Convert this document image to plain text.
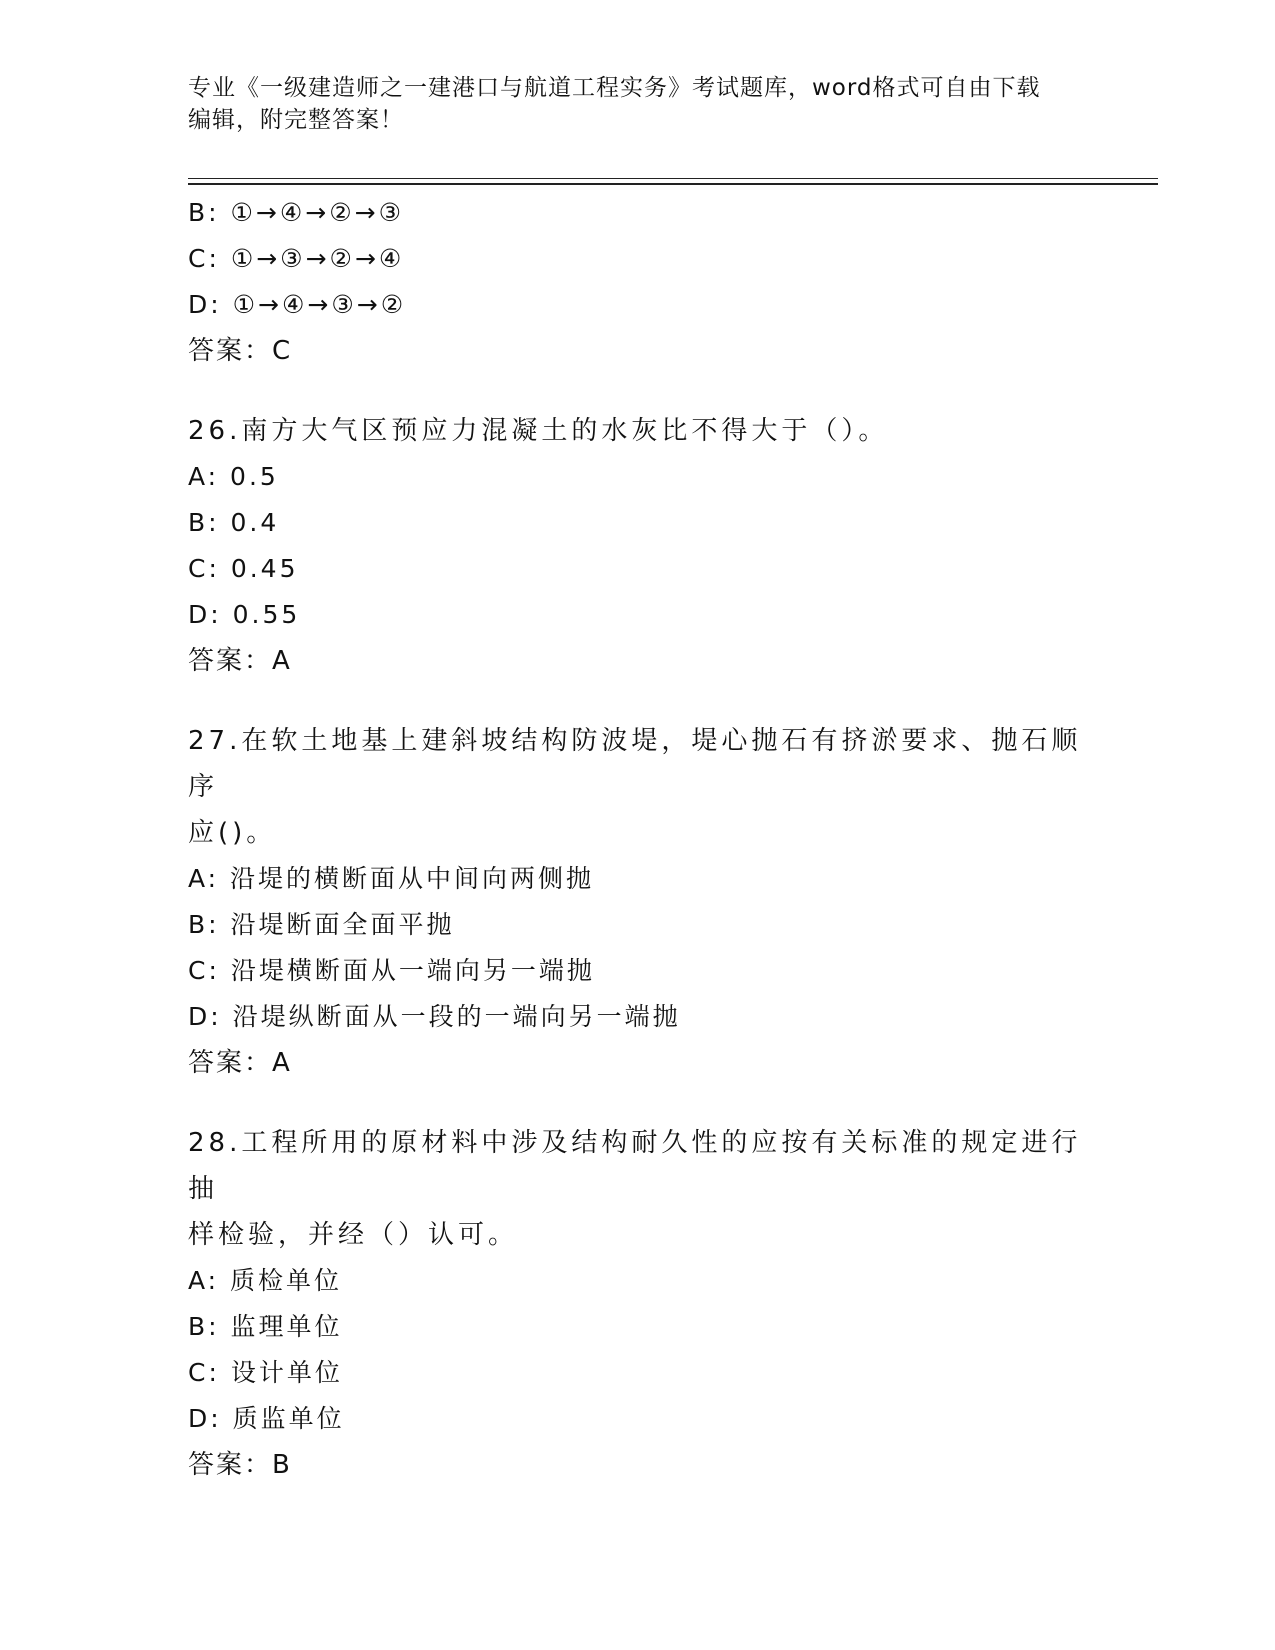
专业《一级建造师之一建港口与航道工程实务》考试题库，word格式可自由下载
编辑，附完整答案！
B: ①→④→②→③
C: ①→③→②→④
D: ①→④→③→②
答案：C
26.南方大气区预应力混凝土的水灰比不得大于（）。
A: 0.5
B: 0.4
C: 0.45
D: 0.55
答案：A
27.在软土地基上建斜坡结构防波堤，堤心抛石有挤淤要求、抛石顺序
应()。
A: 沿堤的横断面从中间向两侧抛
B: 沿堤断面全面平抛
C: 沿堤横断面从一端向另一端抛
D: 沿堤纵断面从一段的一端向另一端抛
答案：A
28.工程所用的原材料中涉及结构耐久性的应按有关标准的规定进行抽
样检验，并经（）认可。
A: 质检单位
B: 监理单位
C: 设计单位
D: 质监单位
答案：B
